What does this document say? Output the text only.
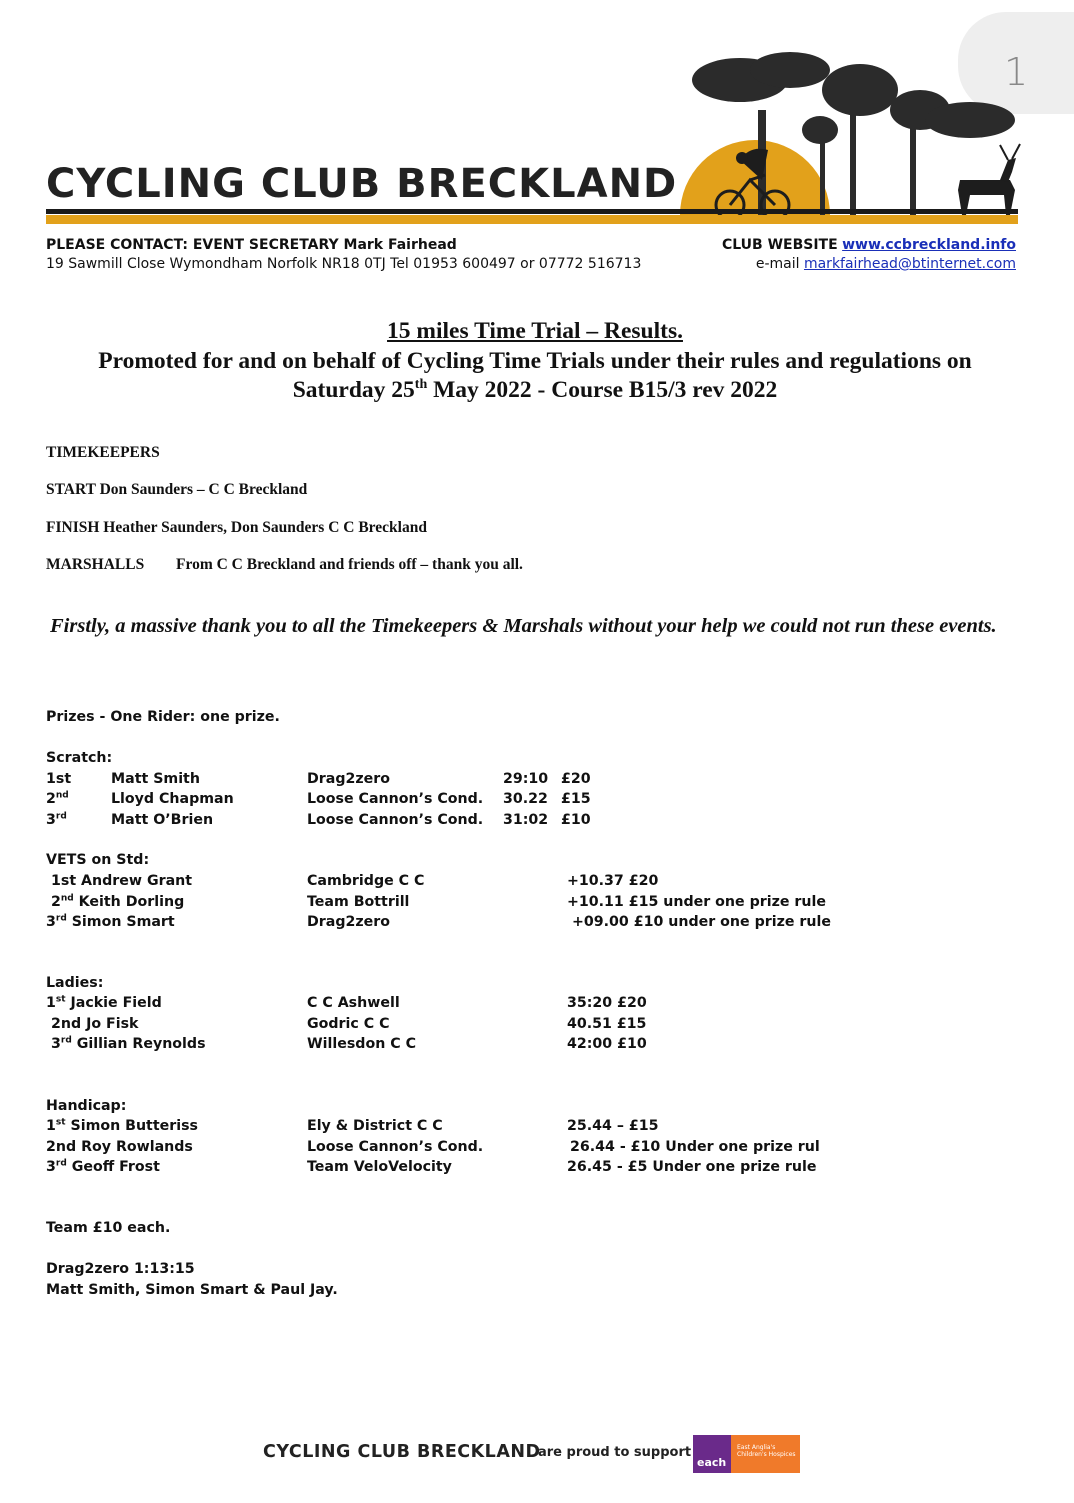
1
CYCLING CLUB BRECKLAND
PLEASE CONTACT: EVENT SECRETARY Mark Fairhead
19 Sawmill Close Wymondham Norfolk NR18 0TJ Tel 01953 600497 or 07772 516713
CLUB WEBSITE www.ccbreckland.info
e-mail markfairhead@btinternet.com
15 miles Time Trial – Results.
Promoted for and on behalf of Cycling Time Trials under their rules and regulations on
Saturday 25th May 2022 - Course B15/3 rev 2022
TIMEKEEPERS
START Don Saunders – C C Breckland
FINISH Heather Saunders, Don Saunders C C Breckland
MARSHALLS From C C Breckland and friends off – thank you all.
Firstly, a massive thank you to all the Timekeepers & Marshals without your help we could not run these events.
Prizes - One Rider: one prize.
Scratch:
1st	Matt Smith	Drag2zero	29:10 £20
2nd	Lloyd Chapman	Loose Cannon’s Cond. 30.22 £15
3rd	Matt O’Brien	Loose Cannon’s Cond. 31:02 £10
VETS on Std:
1st Andrew Grant	Cambridge C C	+10.37 £20
2nd Keith Dorling	Team Bottrill	+10.11 £15 under one prize rule
3rd Simon Smart	Drag2zero	+09.00 £10 under one prize rule
Ladies:
1st Jackie Field	C C Ashwell	35:20 £20
2nd Jo Fisk	Godric C C	40.51 £15
3rd Gillian Reynolds	Willesdon C C	42:00 £10
Handicap:
1st Simon Butteriss	Ely & District C C	25.44 – £15
2nd Roy Rowlands	Loose Cannon’s Cond.	26.44 - £10 Under one prize rul
3rd Geoff Frost	Team VeloVelocity	26.45 - £5 Under one prize rule
Team £10 each.
Drag2zero 1:13:15
Matt Smith, Simon Smart & Paul Jay.
CYCLING CLUB BRECKLAND
are proud to support
each
East Anglia's Children's Hospices
